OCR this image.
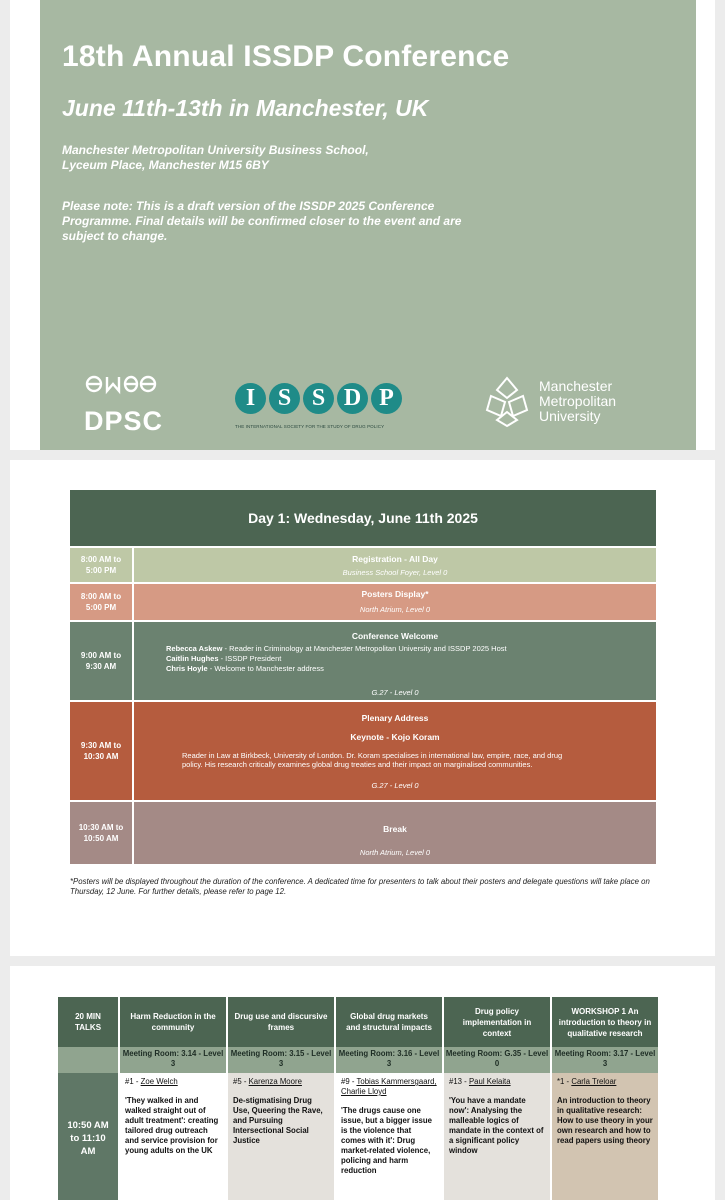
18th Annual ISSDP Conference
June 11th-13th in Manchester, UK
Manchester Metropolitan University Business School,
Lyceum Place, Manchester M15 6BY
Please note: This is a draft version of the ISSDP 2025 Conference Programme. Final details will be confirmed closer to the event and are subject to change.
DPSC
I S S D P
THE INTERNATIONAL SOCIETY FOR THE STUDY OF DRUG POLICY
Manchester
Metropolitan
University
Day 1: Wednesday, June 11th 2025
8:00 AM to 5:00 PM
Registration - All Day
Business School Foyer, Level 0
8:00 AM to 5:00 PM
Posters Display*
North Atrium, Level 0
9:00 AM to 9:30 AM
Conference Welcome
Rebecca Askew - Reader in Criminology at Manchester Metropolitan University and ISSDP 2025 Host
Caitlin Hughes - ISSDP President
Chris Hoyle - Welcome to Manchester address
G.27 - Level 0
9:30 AM to 10:30 AM
Plenary Address
Keynote - Kojo Koram
Reader in Law at Birkbeck, University of London. Dr. Koram specialises in international law, empire, race, and drug policy. His research critically examines global drug treaties and their impact on marginalised communities.
G.27 - Level 0
10:30 AM to 10:50 AM
Break
North Atrium, Level 0
*Posters will be displayed throughout the duration of the conference. A dedicated time for presenters to talk about their posters and delegate questions will take place on Thursday, 12 June. For further details, please refer to page 12.
20 MIN TALKS
Harm Reduction in the community
Drug use and discursive frames
Global drug markets and structural impacts
Drug policy implementation in context
WORKSHOP 1 An introduction to theory in qualitative research
Meeting Room: 3.14 - Level 3
Meeting Room: 3.15 - Level 3
Meeting Room: 3.16 - Level 3
Meeting Room: G.35 - Level 0
Meeting Room: 3.17 - Level 3
10:50 AM to 11:10 AM
#1 - Zoe Welch
'They walked in and walked straight out of adult treatment': creating tailored drug outreach and service provision for young adults on the UK
#5 - Karenza Moore
De-stigmatising Drug Use, Queering the Rave, and Pursuing Intersectional Social Justice
#9 - Tobias Kammersgaard, Charlie Lloyd
'The drugs cause one issue, but a bigger issue is the violence that comes with it': Drug market-related violence, policing and harm reduction
#13 - Paul Kelaita
'You have a mandate now': Analysing the malleable logics of mandate in the context of a significant policy window
*1 - Carla Treloar
An introduction to theory in qualitative research: How to use theory in your own research and how to read papers using theory
